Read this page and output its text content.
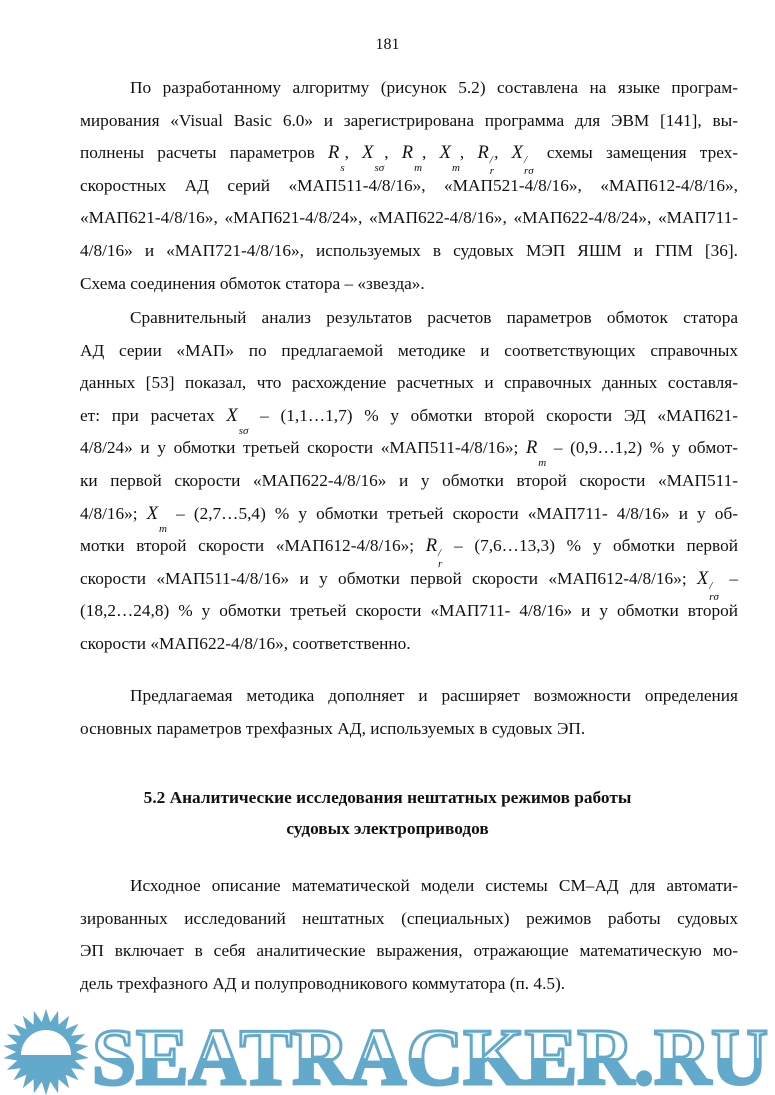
181
По разработанному алгоритму (рисунок 5.2) составлена на языке програм-
мирования «Visual Basic 6.0» и зарегистрирована программа для ЭВМ [141], вы-
полнены расчеты параметров R
s
, X
sσ
, R
m
, X
m
, R /
r
, X /
rσ
схемы замещения трех-
скоростных АД серий «МАП511-4/8/16», «МАП521-4/8/16», «МАП612-4/8/16»,
«МАП621-4/8/16», «МАП621-4/8/24», «МАП622-4/8/16», «МАП622-4/8/24», «МАП711-
4/8/16» и «МАП721-4/8/16», используемых в судовых МЭП ЯШМ и ГПМ [36].
Схема соединения обмоток статора – «звезда».
Сравнительный анализ результатов расчетов параметров обмоток статора
АД серии «МАП» по предлагаемой методике и соответствующих справочных
данных [53] показал, что расхождение расчетных и справочных данных составля-
ет: при расчетах X
sσ
– (1,1…1,7) % у обмотки второй скорости ЭД «МАП621-
4/8/24» и у обмотки третьей скорости «МАП511-4/8/16»; R
m
– (0,9…1,2) % у обмот-
ки первой скорости «МАП622-4/8/16» и у обмотки второй скорости «МАП511-
4/8/16»; X
m
– (2,7…5,4) % у обмотки третьей скорости «МАП711- 4/8/16» и у об-
мотки второй скорости «МАП612-4/8/16»; R /
r
– (7,6…13,3) % у обмотки первой
скорости «МАП511-4/8/16» и у обмотки первой скорости «МАП612-4/8/16»; X /
rσ
–
(18,2…24,8) % у обмотки третьей скорости «МАП711- 4/8/16» и у обмотки второй
скорости «МАП622-4/8/16», соответственно.
Предлагаемая методика дополняет и расширяет возможности определения
основных параметров трехфазных АД, используемых в судовых ЭП.
5.2 Аналитические исследования нештатных режимов работы
судовых электроприводов
Исходное описание математической модели системы СМ–АД для автомати-
зированных исследований нештатных (специальных) режимов работы судовых
ЭП включает в себя аналитические выражения, отражающие математическую мо-
дель трехфазного АД и полупроводникового коммутатора (п. 4.5).
SEATRACKER.RU
